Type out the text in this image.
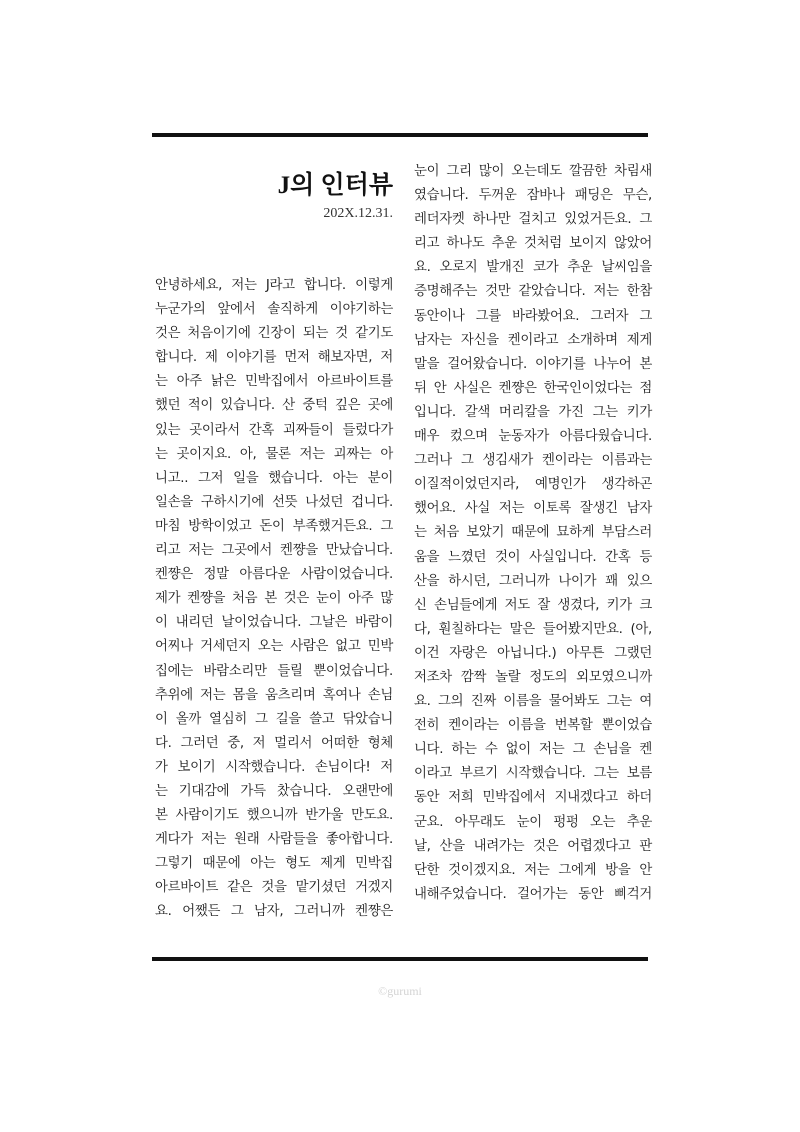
J의 인터뷰
202X.12.31.
안녕하세요, 저는 J라고 합니다. 이렇게
누군가의 앞에서 솔직하게 이야기하는
것은 처음이기에 긴장이 되는 것 같기도
합니다. 제 이야기를 먼저 해보자면, 저
는 아주 낡은 민박집에서 아르바이트를
했던 적이 있습니다. 산 중턱 깊은 곳에
있는 곳이라서 간혹 괴짜들이 들렀다가
는 곳이지요. 아, 물론 저는 괴짜는 아
니고.. 그저 일을 했습니다. 아는 분이
일손을 구하시기에 선뜻 나섰던 겁니다.
마침 방학이었고 돈이 부족했거든요. 그
리고 저는 그곳에서 켄쨩을 만났습니다.
켄쨩은 정말 아름다운 사람이었습니다.
제가 켄쨩을 처음 본 것은 눈이 아주 많
이 내리던 날이었습니다. 그날은 바람이
어찌나 거세던지 오는 사람은 없고 민박
집에는 바람소리만 들릴 뿐이었습니다.
추위에 저는 몸을 움츠리며 혹여나 손님
이 올까 열심히 그 길을 쓸고 닦았습니
다. 그러던 중, 저 멀리서 어떠한 형체
가 보이기 시작했습니다. 손님이다! 저
는 기대감에 가득 찼습니다. 오랜만에
본 사람이기도 했으니까 반가울 만도요.
게다가 저는 원래 사람들을 좋아합니다.
그렇기 때문에 아는 형도 제게 민박집
아르바이트 같은 것을 맡기셨던 거겠지
요. 어쨌든 그 남자, 그러니까 켄쨩은
눈이 그리 많이 오는데도 깔끔한 차림새
였습니다. 두꺼운 잠바나 패딩은 무슨,
레더자켓 하나만 걸치고 있었거든요. 그
리고 하나도 추운 것처럼 보이지 않았어
요. 오로지 발개진 코가 추운 날씨임을
증명해주는 것만 같았습니다. 저는 한참
동안이나 그를 바라봤어요. 그러자 그
남자는 자신을 켄이라고 소개하며 제게
말을 걸어왔습니다. 이야기를 나누어 본
뒤 안 사실은 켄쨩은 한국인이었다는 점
입니다. 갈색 머리칼을 가진 그는 키가
매우 컸으며 눈동자가 아름다웠습니다.
그러나 그 생김새가 켄이라는 이름과는
이질적이었던지라, 예명인가 생각하곤
했어요. 사실 저는 이토록 잘생긴 남자
는 처음 보았기 때문에 묘하게 부담스러
움을 느꼈던 것이 사실입니다. 간혹 등
산을 하시던, 그러니까 나이가 꽤 있으
신 손님들에게 저도 잘 생겼다, 키가 크
다, 훤칠하다는 말은 들어봤지만요. (아,
이건 자랑은 아닙니다.) 아무튼 그랬던
저조차 깜짝 놀랄 정도의 외모였으니까
요. 그의 진짜 이름을 물어봐도 그는 여
전히 켄이라는 이름을 번복할 뿐이었습
니다. 하는 수 없이 저는 그 손님을 켄
이라고 부르기 시작했습니다. 그는 보름
동안 저희 민박집에서 지내겠다고 하더
군요. 아무래도 눈이 펑펑 오는 추운
날, 산을 내려가는 것은 어렵겠다고 판
단한 것이겠지요. 저는 그에게 방을 안
내해주었습니다. 걸어가는 동안 삐걱거
©gurumi
